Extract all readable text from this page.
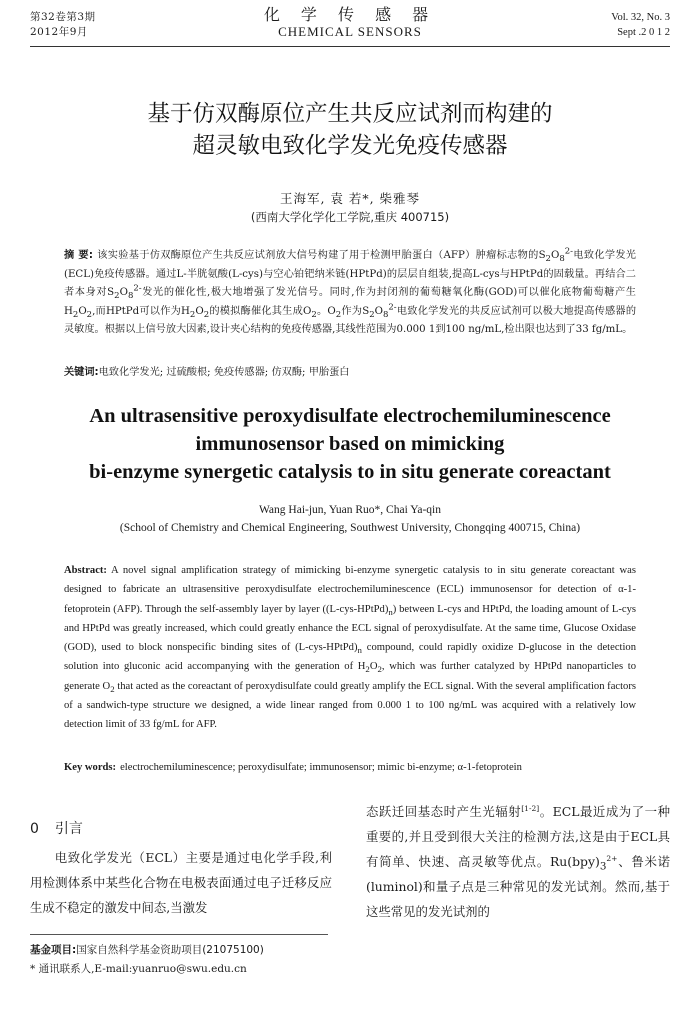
第32卷第3期
2012年9月
化 学 传 感 器
CHEMICAL SENSORS
Vol. 32, No. 3
Sept .2 0 1 2
基于仿双酶原位产生共反应试剂而构建的
超灵敏电致化学发光免疫传感器
王海军, 袁 若*, 柴雅琴
(西南大学化学化工学院,重庆 400715)
摘 要: 该实验基于仿双酶原位产生共反应试剂放大信号构建了用于检测甲胎蛋白（AFP）肿瘤标志物的$S_2O_8^{2-}$电致化学发光(ECL)免疫传感器。通过L-半胱氨酸(L-cys)与空心铂钯纳米链(HPtPd)的层层自组装,提高L-cys与HPtPd的固载量。再结合二者本身对$S_2O_8^{2-}$发光的催化性,极大地增强了发光信号。同时,作为封闭剂的葡萄糖氧化酶(GOD)可以催化底物葡萄糖产生$H_2O_2$,而HPtPd可以作为$H_2O_2$的模拟酶催化其生成$O_2$。$O_2$作为$S_2O_8^{2-}$电致化学发光的共反应试剂可以极大地提高传感器的灵敏度。根据以上信号放大因素,设计夹心结构的免疫传感器,其线性范围为0.000 1到100 ng/mL,检出限也达到了33 fg/mL。
关键词:电致化学发光; 过硫酸根; 免疫传感器; 仿双酶; 甲胎蛋白
An ultrasensitive peroxydisulfate electrochemiluminescence
immunosensor based on mimicking
bi-enzyme synergetic catalysis to in situ generate coreactant
Wang Hai-jun, Yuan Ruo*, Chai Ya-qin
(School of Chemistry and Chemical Engineering, Southwest University, Chongqing 400715, China)
Abstract: A novel signal amplification strategy of mimicking bi-enzyme synergetic catalysis to in situ generate coreactant was designed to fabricate an ultrasensitive peroxydisulfate electrochemiluminescence (ECL) immunosensor for detection of α-1-fetoprotein (AFP). Through the self-assembly layer by layer $((L-cys-HPtPd)_n)$ between L-cys and HPtPd, the loading amount of L-cys and HPtPd was greatly increased, which could greatly enhance the ECL signal of peroxydisulfate. At the same time, Glucose Oxidase (GOD), used to block nonspecific binding sites of $(L-cys-HPtPd)_n$ compound, could rapidly oxidize D-glucose in the detection solution into gluconic acid accompanying with the generation of $H_2O_2$, which was further catalyzed by HPtPd nanoparticles to generate $O_2$ that acted as the coreactant of peroxydisulfate could greatly amplify the ECL signal. With the several amplification factors of a sandwich-type structure we designed, a wide linear ranged from 0.000 1 to 100 ng/mL was acquired with a relatively low detection limit of 33 fg/mL for AFP.
Key words: electrochemiluminescence; peroxydisulfate; immunosensor; mimic bi-enzyme; α-1-fetoprotein
0 引言
电致化学发光（ECL）主要是通过电化学手段,利用检测体系中某些化合物在电极表面通过电子迁移反应生成不稳定的激发中间态,当激发
态跃迁回基态时产生光辐射[1-2]。ECL最近成为了一种重要的,并且受到很大关注的检测方法,这是由于ECL具有简单、快速、高灵敏等优点。$Ru(bpy)_3^{2+}$、鲁米诺(luminol)和量子点是三种常见的发光试剂。然而,基于这些常见的发光试剂的
基金项目:国家自然科学基金资助项目(21075100)
* 通讯联系人,E-mail:yuanruo@swu.edu.cn
